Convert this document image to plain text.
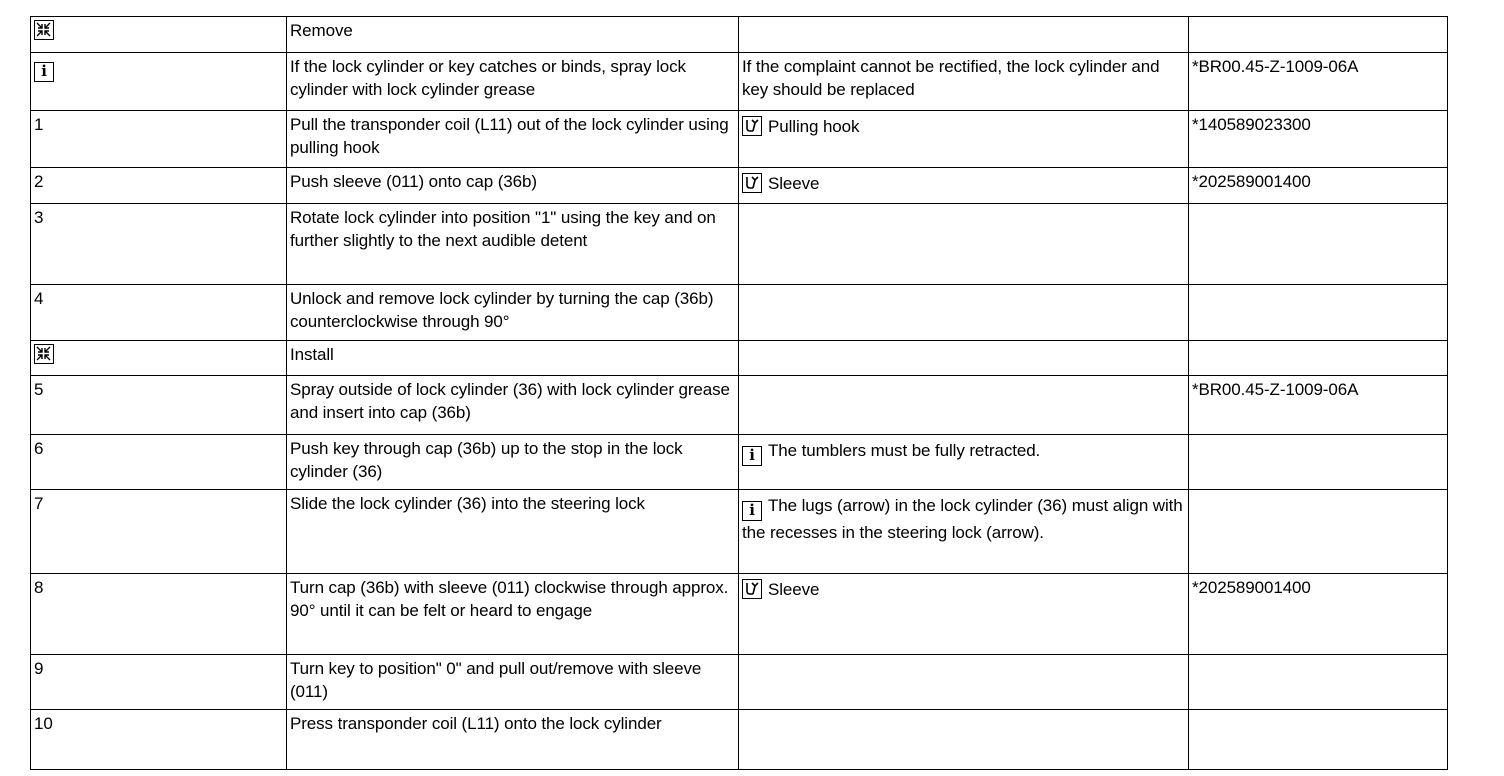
	Remove		

i	If the lock cylinder or key catches or binds, spray lock cylinder with lock cylinder grease	If the complaint cannot be rectified, the lock cylinder and key should be replaced	*BR00.45-Z-1009-06A
1	Pull the transponder coil (L11) out of the lock cylinder using pulling hook	Pulling hook	*140589023300
2	Push sleeve (011) onto cap (36b)	Sleeve	*202589001400
3	Rotate lock cylinder into position "1" using the key and on further slightly to the next audible detent		
4	Unlock and remove lock cylinder by turning the cap (36b) counterclockwise through 90°		

	Install		
5	Spray outside of lock cylinder (36) with lock cylinder grease and insert into cap (36b)		*BR00.45-Z-1009-06A
6	Push key through cap (36b) up to the stop in the lock cylinder (36)	i The tumblers must be fully retracted.	
7	Slide the lock cylinder (36) into the steering lock	i The lugs (arrow) in the lock cylinder (36) must align with the recesses in the steering lock (arrow).	
8	Turn cap (36b) with sleeve (011) clockwise through approx. 90° until it can be felt or heard to engage	Sleeve	*202589001400
9	Turn key to position" 0" and pull out/remove with sleeve (011)		
10	Press transponder coil (L11) onto the lock cylinder		
